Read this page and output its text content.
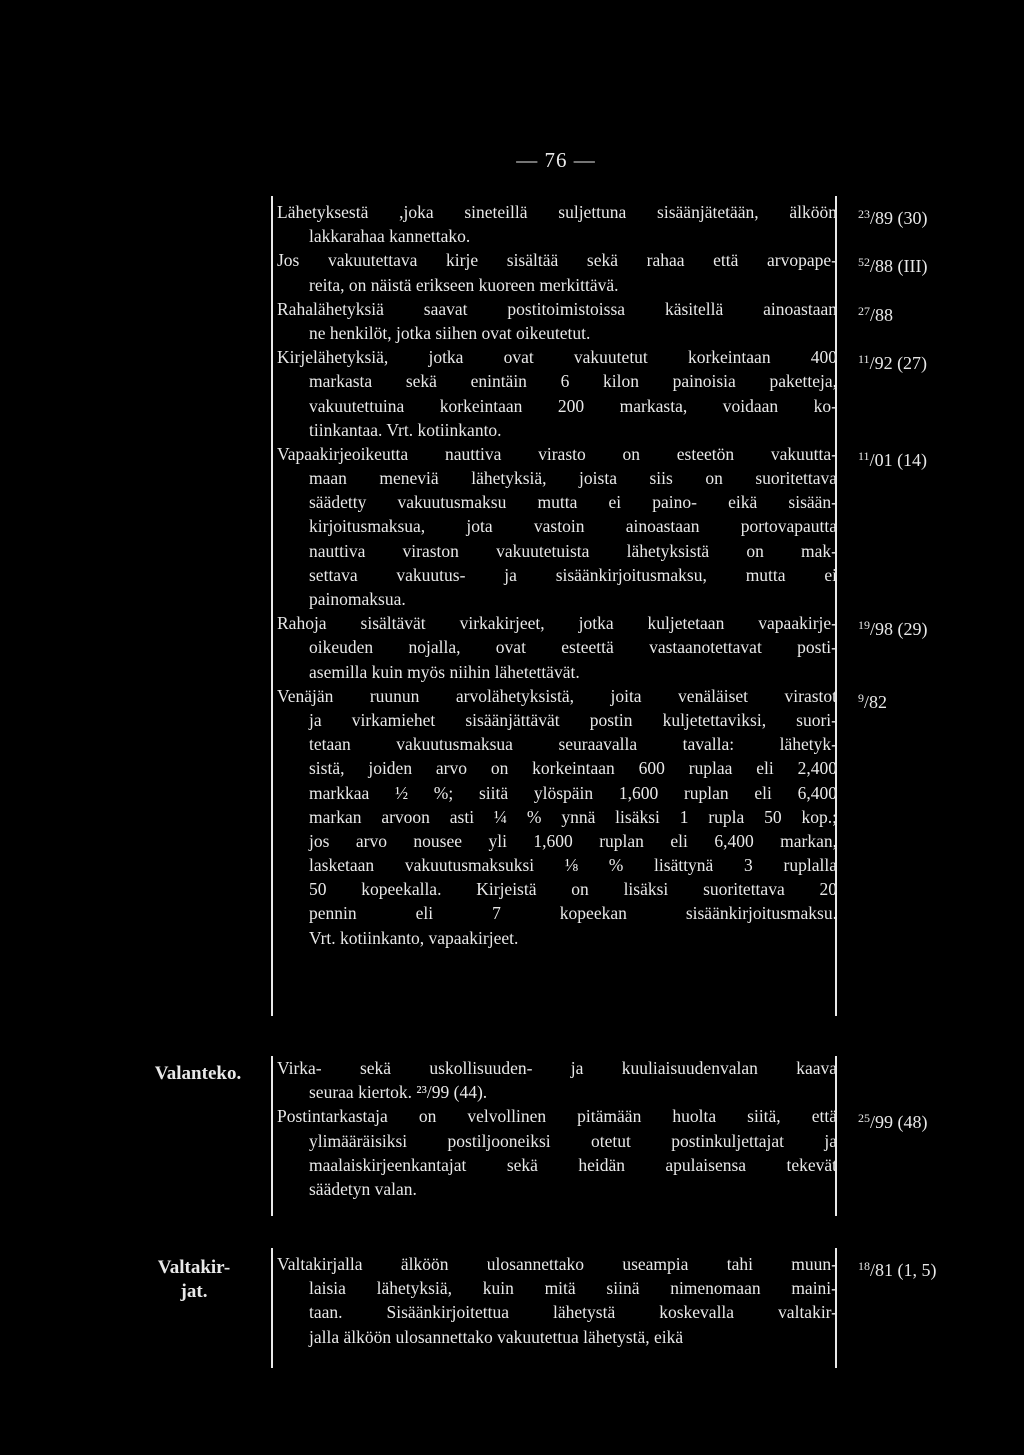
— 76 —
Valanteko.
Valtakir-
jat.
Lähetyksestä ,joka sineteillä suljettuna sisäänjätetään, älköön
lakkarahaa kannettako.
Jos vakuutettava kirje sisältää sekä rahaa että arvopape-
reita, on näistä erikseen kuoreen merkittävä.
Rahalähetyksiä saavat postitoimistoissa käsitellä ainoastaan
ne henkilöt, jotka siihen ovat oikeutetut.
Kirjelähetyksiä, jotka ovat vakuutetut korkeintaan 400
markasta sekä enintäin 6 kilon painoisia paketteja,
vakuutettuina korkeintaan 200 markasta, voidaan ko-
tiinkantaa. Vrt. kotiinkanto.
Vapaakirjeoikeutta nauttiva virasto on esteetön vakuutta-
maan meneviä lähetyksiä, joista siis on suoritettava
säädetty vakuutusmaksu mutta ei paino- eikä sisään-
kirjoitusmaksua, jota vastoin ainoastaan portovapautta
nauttiva viraston vakuutetuista lähetyksistä on mak-
settava vakuutus- ja sisäänkirjoitusmaksu, mutta ei
painomaksua.
Rahoja sisältävät virkakirjeet, jotka kuljetetaan vapaakirje-
oikeuden nojalla, ovat esteettä vastaanotettavat posti-
asemilla kuin myös niihin lähetettävät.
Venäjän ruunun arvolähetyksistä, joita venäläiset virastot
ja virkamiehet sisäänjättävät postin kuljetettaviksi, suori-
tetaan vakuutusmaksua seuraavalla tavalla: lähetyk-
sistä, joiden arvo on korkeintaan 600 ruplaa eli 2,400
markkaa ½ %; siitä ylöspäin 1,600 ruplan eli 6,400
markan arvoon asti ¼ % ynnä lisäksi 1 rupla 50 kop.;
jos arvo nousee yli 1,600 ruplan eli 6,400 markan,
lasketaan vakuutusmaksuksi ⅛ % lisättynä 3 ruplalla
50 kopeekalla. Kirjeistä on lisäksi suoritettava 20
pennin eli 7 kopeekan sisäänkirjoitusmaksu.
Vrt. kotiinkanto, vapaakirjeet.
Virka- sekä uskollisuuden- ja kuuliaisuudenvalan kaava
seuraa kiertok. ²³/99 (44).
Postintarkastaja on velvollinen pitämään huolta siitä, että
ylimääräisiksi postiljooneiksi otetut postinkuljettajat ja
maalaiskirjeenkantajat sekä heidän apulaisensa tekevät
säädetyn valan.
Valtakirjalla älköön ulosannettako useampia tahi muun-
laisia lähetyksiä, kuin mitä siinä nimenomaan maini-
taan. Sisäänkirjoitettua lähetystä koskevalla valtakir-
jalla älköön ulosannettako vakuutettua lähetystä, eikä
$^{23}$/89 (30)
$^{52}$/88 (III)
$^{27}$/88
$^{11}$/92 (27)
$^{11}$/01 (14)
$^{19}$/98 (29)
$^9$/82
$^{25}$/99 (48)
$^{18}$/81 (1, 5)
